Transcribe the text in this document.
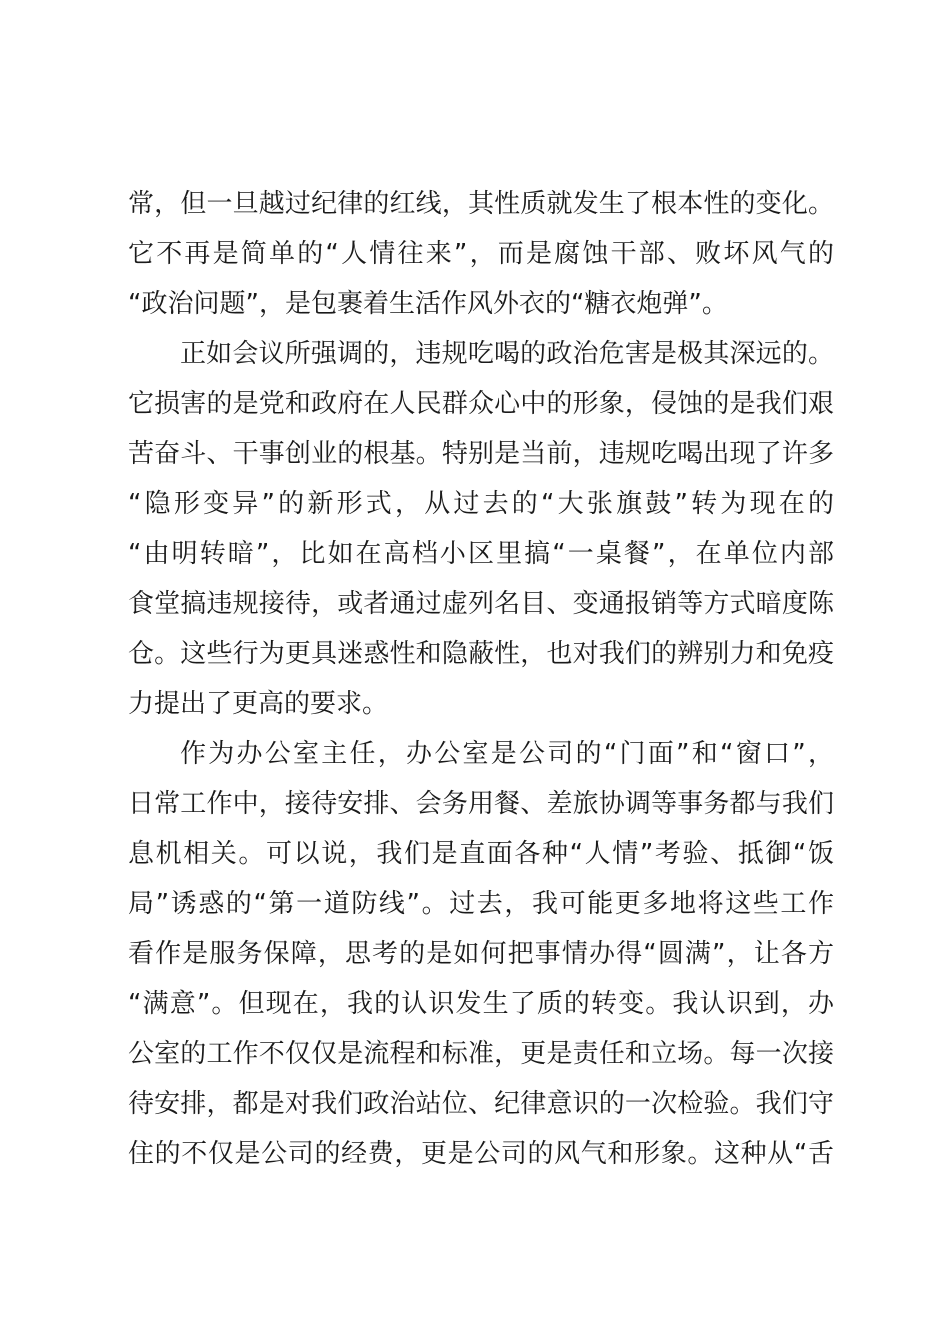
常，但一旦越过纪律的红线，其性质就发生了根本性的变化。
它不再是简单的“人情往来”，而是腐蚀干部、败坏风气的
“政治问题”，是包裹着生活作风外衣的“糖衣炮弹”。
正如会议所强调的，违规吃喝的政治危害是极其深远的。
它损害的是党和政府在人民群众心中的形象，侵蚀的是我们艰
苦奋斗、干事创业的根基。特别是当前，违规吃喝出现了许多
“隐形变异”的新形式，从过去的“大张旗鼓”转为现在的
“由明转暗”，比如在高档小区里搞“一桌餐”，在单位内部
食堂搞违规接待，或者通过虚列名目、变通报销等方式暗度陈
仓。这些行为更具迷惑性和隐蔽性，也对我们的辨别力和免疫
力提出了更高的要求。
作为办公室主任，办公室是公司的“门面”和“窗口”，
日常工作中，接待安排、会务用餐、差旅协调等事务都与我们
息机相关。可以说，我们是直面各种“人情”考验、抵御“饭
局”诱惑的“第一道防线”。过去，我可能更多地将这些工作
看作是服务保障，思考的是如何把事情办得“圆满”，让各方
“满意”。但现在，我的认识发生了质的转变。我认识到，办
公室的工作不仅仅是流程和标准，更是责任和立场。每一次接
待安排，都是对我们政治站位、纪律意识的一次检验。我们守
住的不仅是公司的经费，更是公司的风气和形象。这种从“舌
